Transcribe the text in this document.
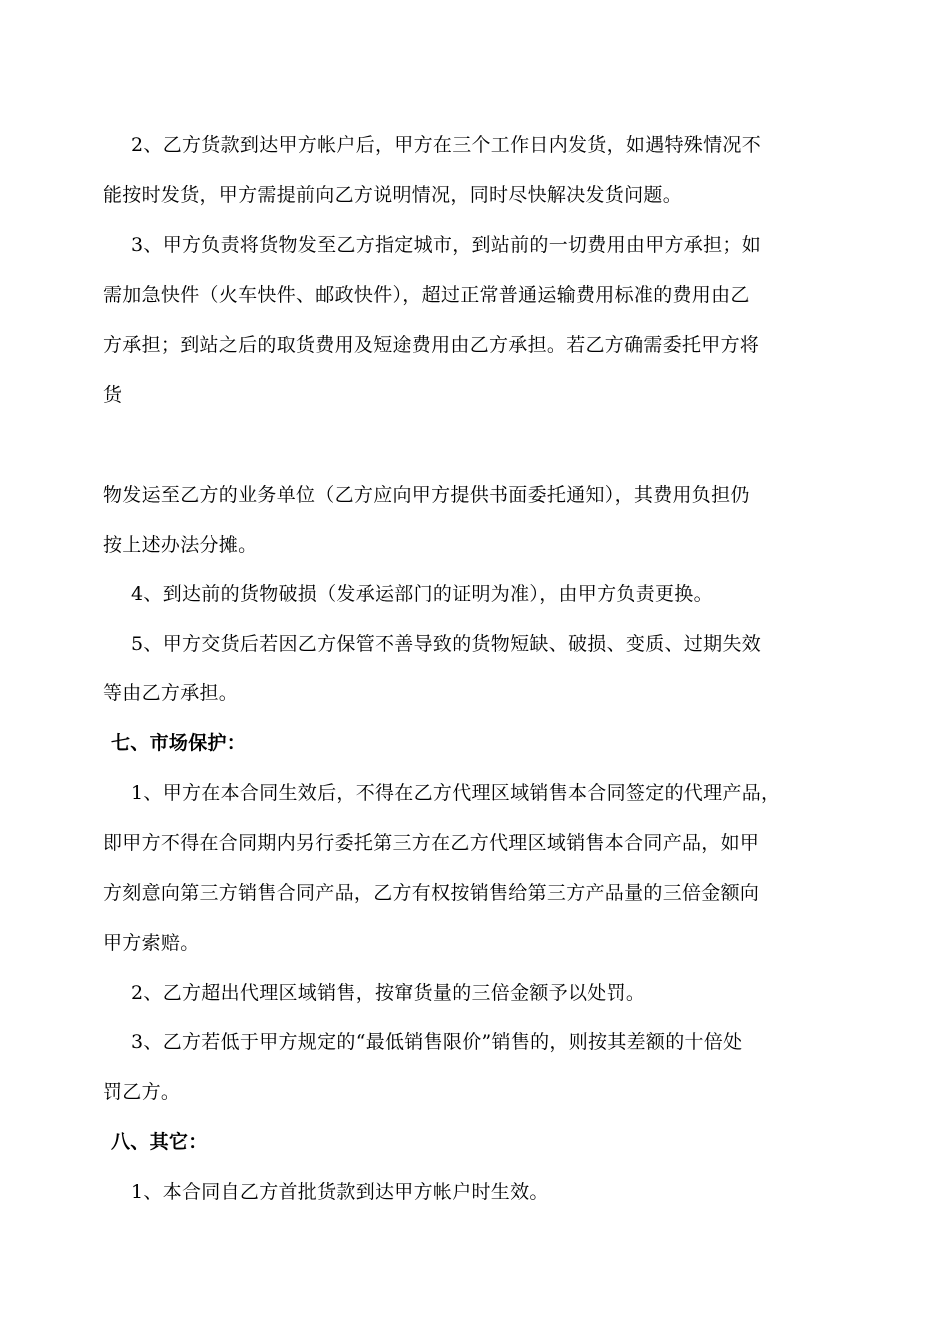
2、乙方货款到达甲方帐户后，甲方在三个工作日内发货，如遇特殊情况不
能按时发货，甲方需提前向乙方说明情况，同时尽快解决发货问题。
3、甲方负责将货物发至乙方指定城市，到站前的一切费用由甲方承担；如
需加急快件（火车快件、邮政快件），超过正常普通运输费用标准的费用由乙
方承担；到站之后的取货费用及短途费用由乙方承担。若乙方确需委托甲方将
货
物发运至乙方的业务单位（乙方应向甲方提供书面委托通知），其费用负担仍
按上述办法分摊。
4、到达前的货物破损（发承运部门的证明为准），由甲方负责更换。
5、甲方交货后若因乙方保管不善导致的货物短缺、破损、变质、过期失效
等由乙方承担。
七、市场保护：
1、甲方在本合同生效后，不得在乙方代理区域销售本合同签定的代理产品，
即甲方不得在合同期内另行委托第三方在乙方代理区域销售本合同产品，如甲
方刻意向第三方销售合同产品，乙方有权按销售给第三方产品量的三倍金额向
甲方索赔。
2、乙方超出代理区域销售，按窜货量的三倍金额予以处罚。
3、乙方若低于甲方规定的“最低销售限价”销售的，则按其差额的十倍处
罚乙方。
八、其它：
1、本合同自乙方首批货款到达甲方帐户时生效。
